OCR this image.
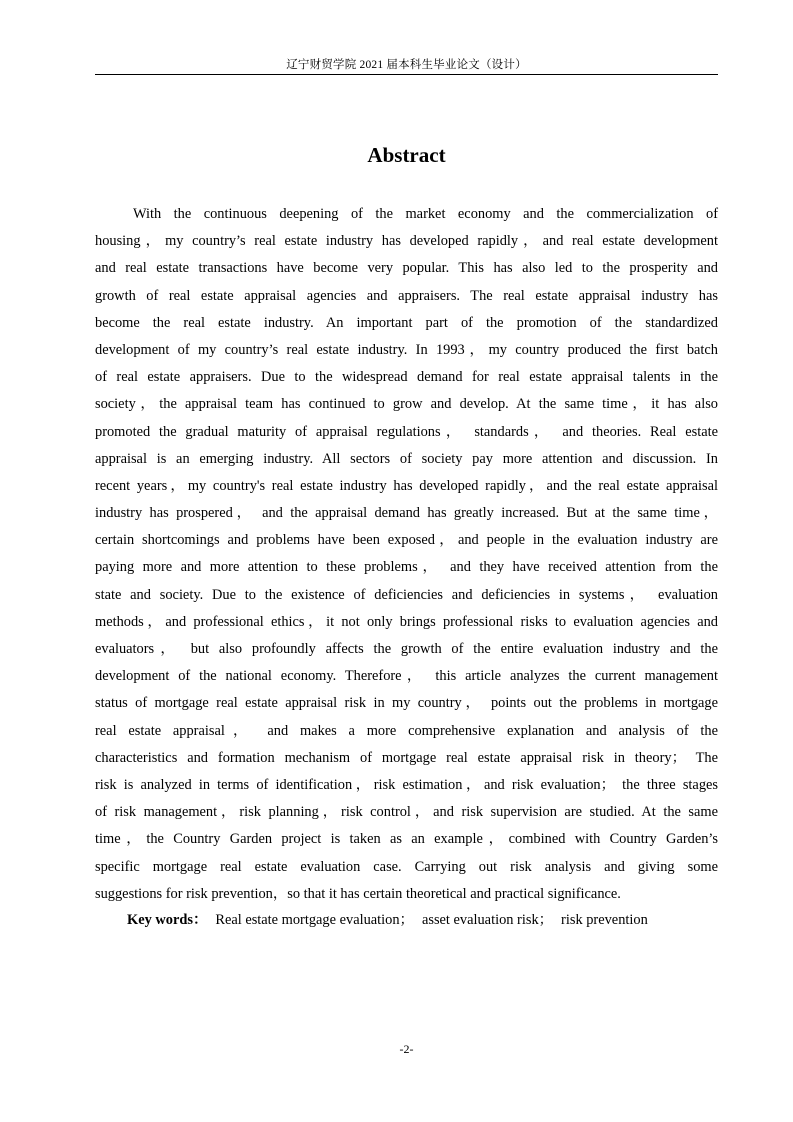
辽宁财贸学院 2021 届本科生毕业论文（设计）
Abstract
With the continuous deepening of the market economy and the commercialization of
housing，my country’s real estate industry has developed rapidly，and real estate development
and real estate transactions have become very popular. This has also led to the prosperity and
growth of real estate appraisal agencies and appraisers. The real estate appraisal industry has
become the real estate industry. An important part of the promotion of the standardized
development of my country’s real estate industry. In 1993，my country produced the first batch
of real estate appraisers. Due to the widespread demand for real estate appraisal talents in the
society，the appraisal team has continued to grow and develop. At the same time，it has also
promoted the gradual maturity of appraisal regulations， standards， and theories. Real estate
appraisal is an emerging industry. All sectors of society pay more attention and discussion. In
recent years，my country's real estate industry has developed rapidly，and the real estate appraisal
industry has prospered， and the appraisal demand has greatly increased. But at the same time，
certain shortcomings and problems have been exposed，and people in the evaluation industry are
paying more and more attention to these problems， and they have received attention from the
state and society. Due to the existence of deficiencies and deficiencies in systems， evaluation
methods，and professional ethics，it not only brings professional risks to evaluation agencies and
evaluators， but also profoundly affects the growth of the entire evaluation industry and the
development of the national economy. Therefore， this article analyzes the current management
status of mortgage real estate appraisal risk in my country， points out the problems in mortgage
real estate appraisal， and makes a more comprehensive explanation and analysis of the
characteristics and formation mechanism of mortgage real estate appraisal risk in theory； The
risk is analyzed in terms of identification，risk estimation，and risk evaluation； the three stages
of risk management，risk planning，risk control，and risk supervision are studied. At the same
time，the Country Garden project is taken as an example，combined with Country Garden’s
specific mortgage real estate evaluation case. Carrying out risk analysis and giving some
suggestions for risk prevention，so that it has certain theoretical and practical significance.
Key words： Real estate mortgage evaluation； asset evaluation risk； risk prevention
-2-
